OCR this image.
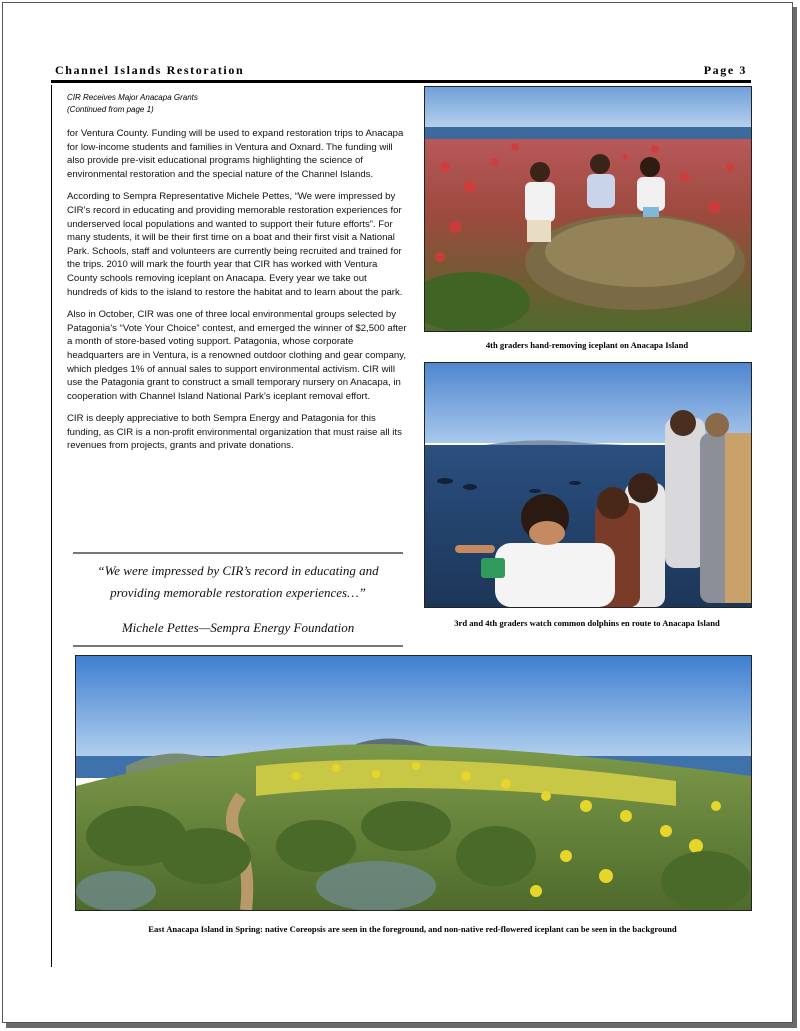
Channel Islands Restoration	Page 3
CIR Receives Major Anacapa Grants
(Continued from page 1)

for Ventura County. Funding will be used to expand restoration trips to Anacapa for low-income students and families in Ventura and Oxnard. The funding will also provide pre-visit educational programs highlighting the science of environmental restoration and the special nature of the Channel Islands.

According to Sempra Representative Michele Pettes, “We were impressed by CIR’s record in educating and providing memorable restoration experiences for underserved local populations and wanted to support their future efforts”. For many students, it will be their first time on a boat and their first visit a National Park. Schools, staff and volunteers are currently being recruited and trained for the trips. 2010 will mark the fourth year that CIR has worked with Ventura County schools removing iceplant on Anacapa. Every year we take out hundreds of kids to the island to restore the habitat and to learn about the park.

Also in October, CIR was one of three local environmental groups selected by Patagonia’s “Vote Your Choice” contest, and emerged the winner of $2,500 after a month of store-based voting support. Patagonia, whose corporate headquarters are in Ventura, is a renowned outdoor clothing and gear company, which pledges 1% of annual sales to support environmental activism. CIR will use the Patagonia grant to construct a small temporary nursery on Anacapa, in cooperation with Channel Island National Park’s iceplant removal effort.

CIR is deeply appreciative to both Sempra Energy and Patagonia for this funding, as CIR is a non-profit environmental organization that must raise all its revenues from projects, grants and private donations.

“We were impressed by CIR’s record in educating and providing memorable restoration experiences…”
Michele Pettes—Sempra Energy Foundation
4th graders hand-removing iceplant on Anacapa Island
3rd and 4th graders watch common dolphins en route to Anacapa Island
East Anacapa Island in Spring: native Coreopsis are seen in the foreground, and non-native red-flowered iceplant can be seen in the background
